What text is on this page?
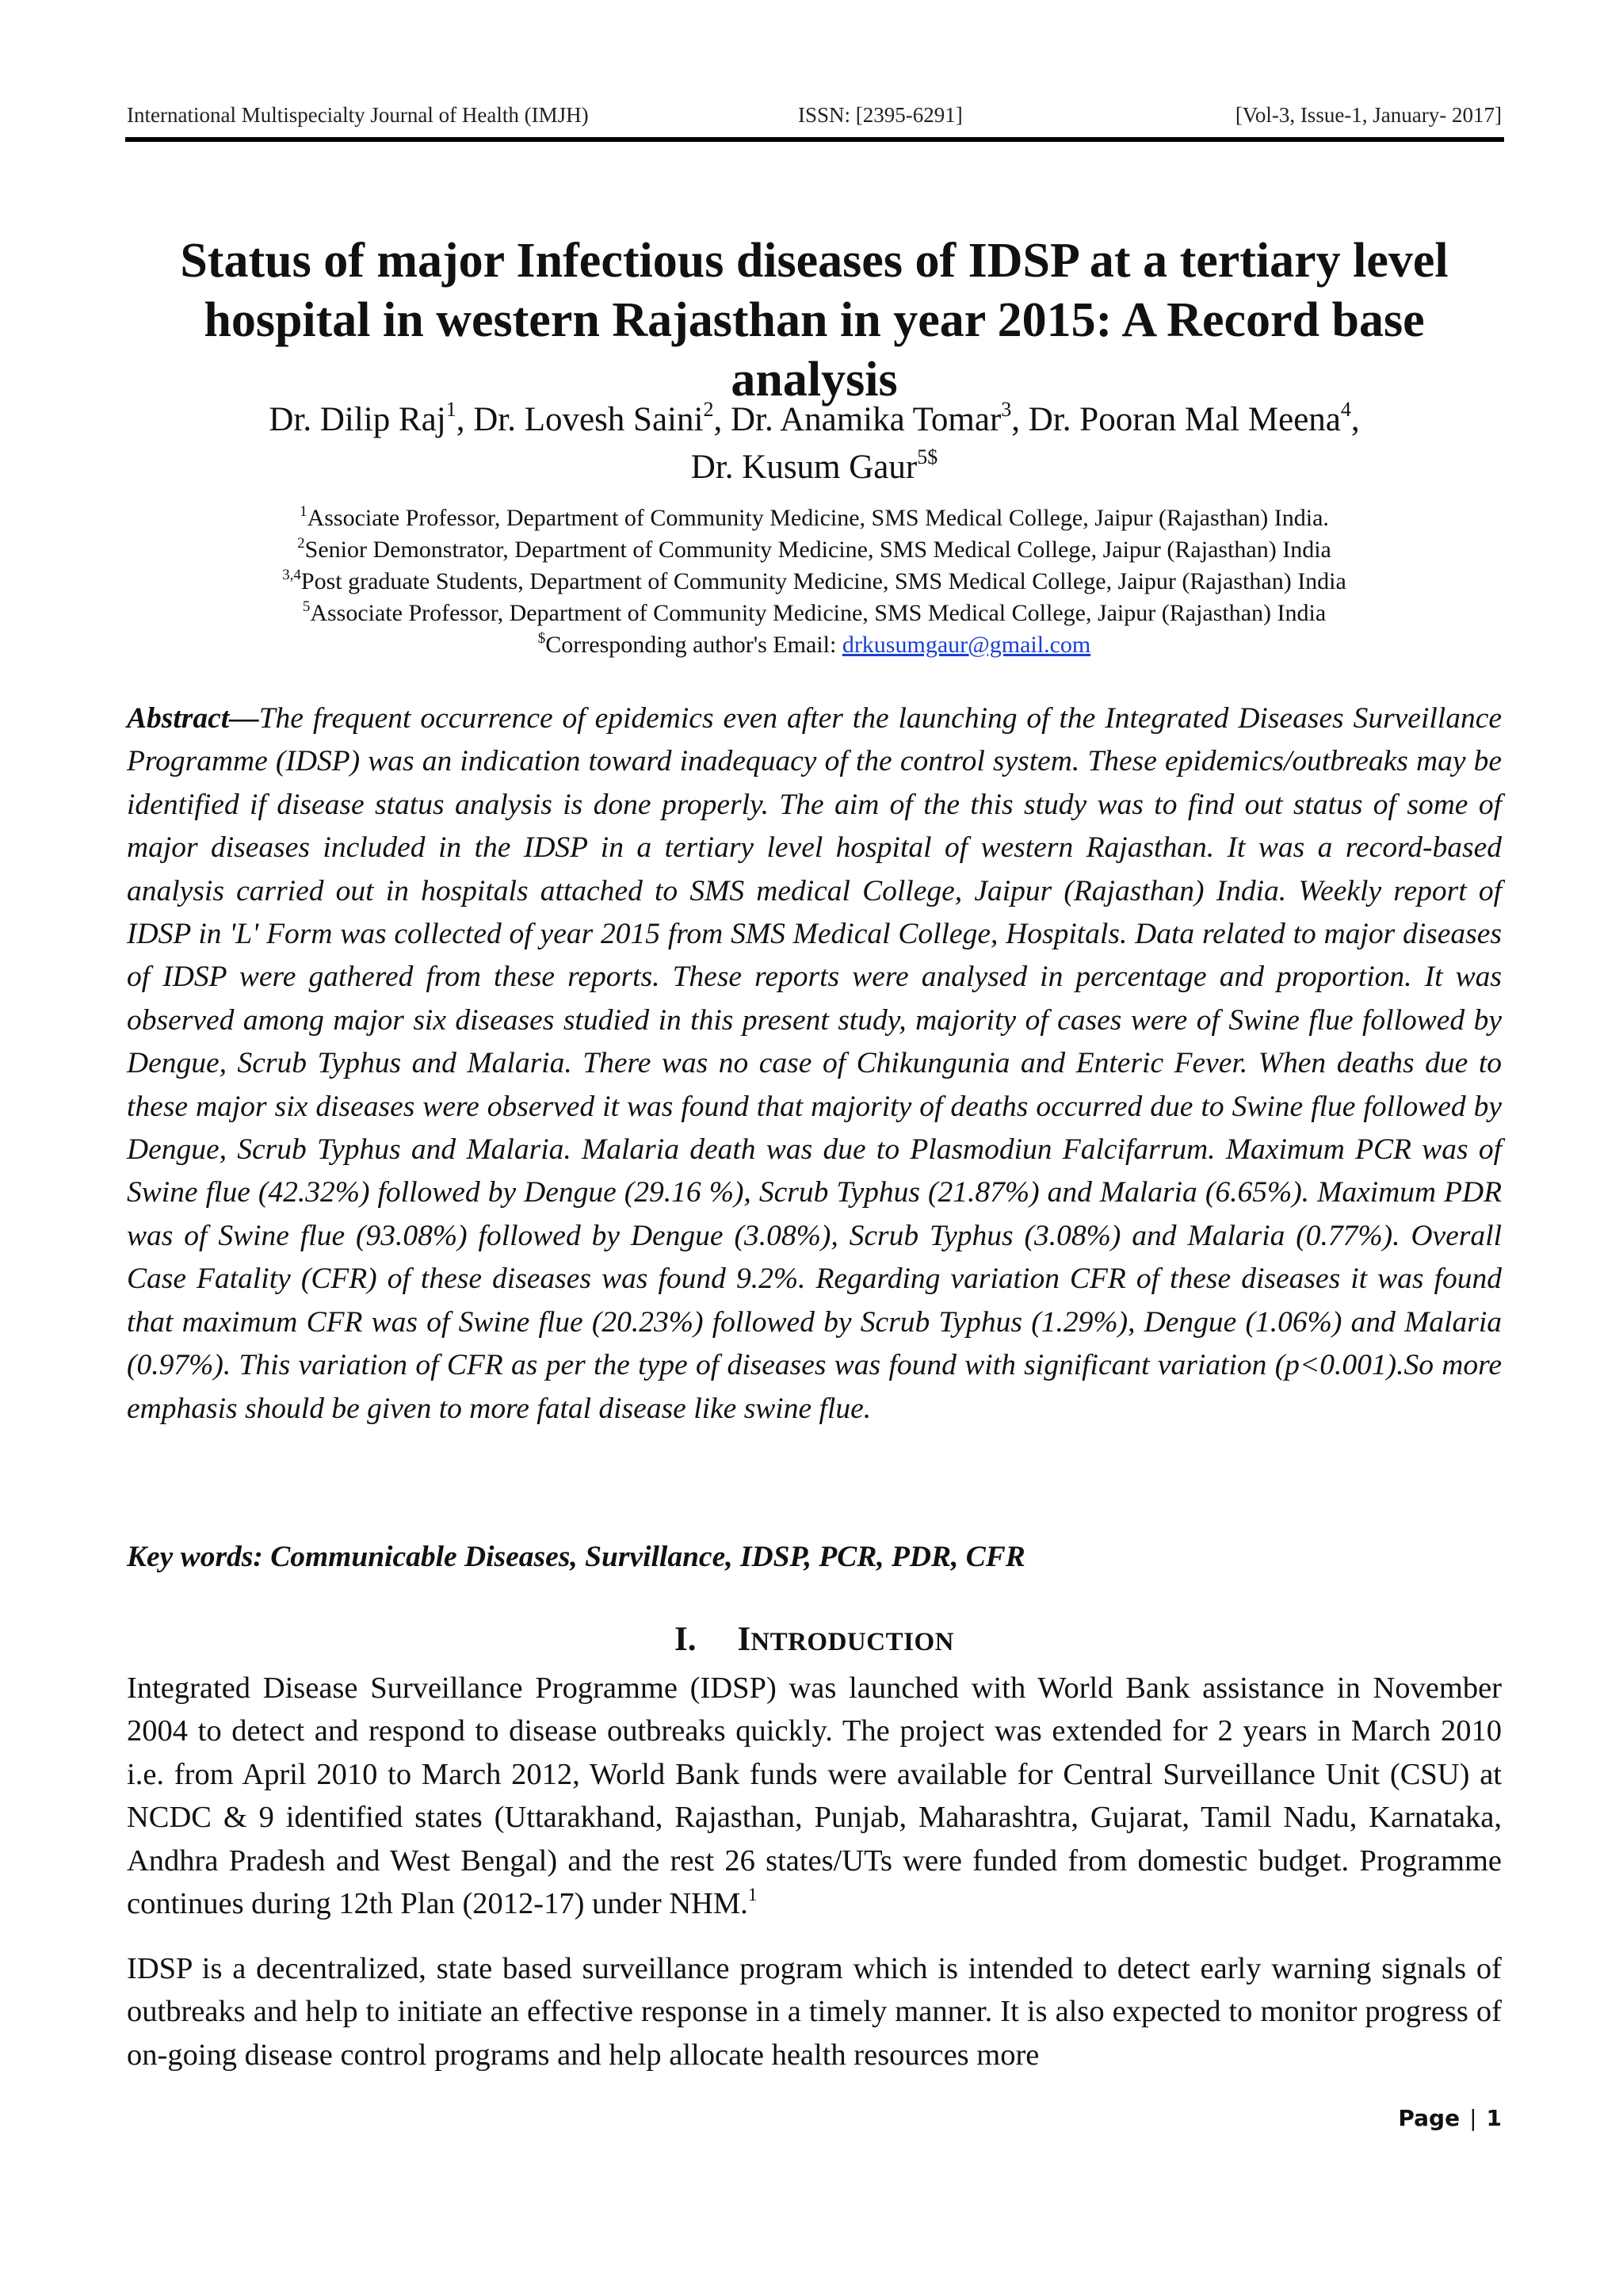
International Multispecialty Journal of Health (IMJH)	ISSN: [2395-6291]	[Vol-3, Issue-1, January- 2017]
Status of major Infectious diseases of IDSP at a tertiary level hospital in western Rajasthan in year 2015: A Record base analysis
Dr. Dilip Raj$^1$, Dr. Lovesh Saini$^2$, Dr. Anamika Tomar$^3$, Dr. Pooran Mal Meena$^4$,
Dr. Kusum Gaur$^{5\$}$
$^1$Associate Professor, Department of Community Medicine, SMS Medical College, Jaipur (Rajasthan) India.
$^2$Senior Demonstrator, Department of Community Medicine, SMS Medical College, Jaipur (Rajasthan) India
$^{3,4}$Post graduate Students, Department of Community Medicine, SMS Medical College, Jaipur (Rajasthan) India
$^5$Associate Professor, Department of Community Medicine, SMS Medical College, Jaipur (Rajasthan) India
$Corresponding author's Email: drkusumgaur@gmail.com
Abstract—The frequent occurrence of epidemics even after the launching of the Integrated Diseases Surveillance Programme (IDSP) was an indication toward inadequacy of the control system. These epidemics/outbreaks may be identified if disease status analysis is done properly. The aim of the this study was to find out status of some of major diseases included in the IDSP in a tertiary level hospital of western Rajasthan. It was a record-based analysis carried out in hospitals attached to SMS medical College, Jaipur (Rajasthan) India. Weekly report of IDSP in 'L' Form was collected of year 2015 from SMS Medical College, Hospitals. Data related to major diseases of IDSP were gathered from these reports. These reports were analysed in percentage and proportion. It was observed among major six diseases studied in this present study, majority of cases were of Swine flue followed by Dengue, Scrub Typhus and Malaria. There was no case of Chikungunia and Enteric Fever. When deaths due to these major six diseases were observed it was found that majority of deaths occurred due to Swine flue followed by Dengue, Scrub Typhus and Malaria. Malaria death was due to Plasmodiun Falcifarrum. Maximum PCR was of Swine flue (42.32%) followed by Dengue (29.16 %), Scrub Typhus (21.87%) and Malaria (6.65%). Maximum PDR was of Swine flue (93.08%) followed by Dengue (3.08%), Scrub Typhus (3.08%) and Malaria (0.77%). Overall Case Fatality (CFR) of these diseases was found 9.2%. Regarding variation CFR of these diseases it was found that maximum CFR was of Swine flue (20.23%) followed by Scrub Typhus (1.29%), Dengue (1.06%) and Malaria (0.97%). This variation of CFR as per the type of diseases was found with significant variation (p<0.001).So more emphasis should be given to more fatal disease like swine flue.
Key words: Communicable Diseases, Survillance, IDSP, PCR, PDR, CFR
I. INTRODUCTION
Integrated Disease Surveillance Programme (IDSP) was launched with World Bank assistance in November 2004 to detect and respond to disease outbreaks quickly. The project was extended for 2 years in March 2010 i.e. from April 2010 to March 2012, World Bank funds were available for Central Surveillance Unit (CSU) at NCDC & 9 identified states (Uttarakhand, Rajasthan, Punjab, Maharashtra, Gujarat, Tamil Nadu, Karnataka, Andhra Pradesh and West Bengal) and the rest 26 states/UTs were funded from domestic budget. Programme continues during 12th Plan (2012-17) under NHM.$^1$
IDSP is a decentralized, state based surveillance program which is intended to detect early warning signals of outbreaks and help to initiate an effective response in a timely manner. It is also expected to monitor progress of on-going disease control programs and help allocate health resources more
Page | 1
